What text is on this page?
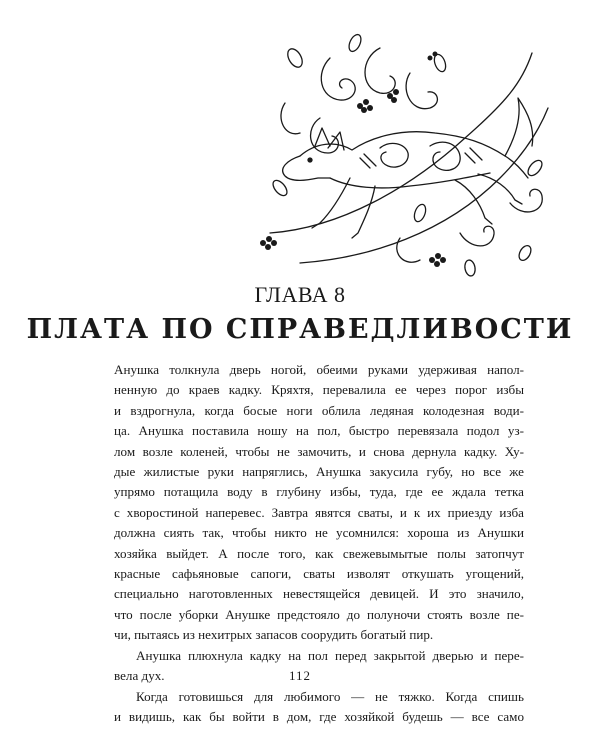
ГЛАВА 8
ПЛАТА ПО СПРАВЕДЛИВОСТИ
Анушка толкнула дверь ногой, обеими руками удерживая напол-
ненную до краев кадку. Кряхтя, перевалила ее через порог избы
и вздрогнула, когда босые ноги облила ледяная колодезная води-
ца. Анушка поставила ношу на пол, быстро перевязала подол уз-
лом возле коленей, чтобы не замочить, и снова дернула кадку. Ху-
дые жилистые руки напряглись, Анушка закусила губу, но все же
упрямо потащила воду в глубину избы, туда, где ее ждала тетка
с хворостиной наперевес. Завтра явятся сваты, и к их приезду изба
должна сиять так, чтобы никто не усомнился: хороша из Анушки
хозяйка выйдет. А после того, как свежевымытые полы затопчут
красные сафьяновые сапоги, сваты изволят откушать угощений,
специально наготовленных невестящейся девицей. И это значило,
что после уборки Анушке предстояло до полуночи стоять возле пе-
чи, пытаясь из нехитрых запасов соорудить богатый пир.
Анушка плюхнула кадку на пол перед закрытой дверью и пере-
вела дух.
Когда готовишься для любимого — не тяжко. Когда спишь
и видишь, как бы войти в дом, где хозяйкой будешь — все само
112
